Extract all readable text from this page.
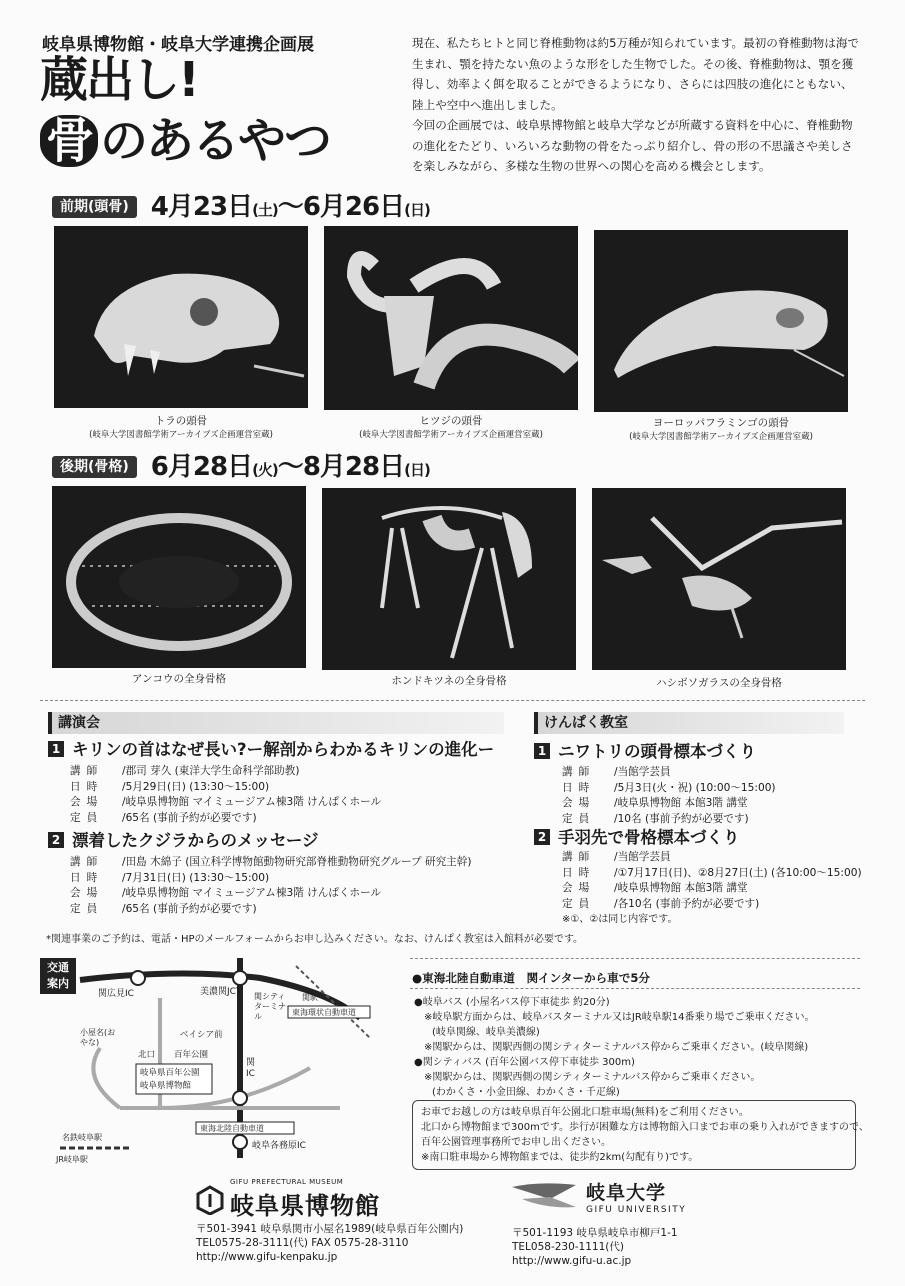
岐阜県博物館・岐阜大学連携企画展
蔵出し!
骨 のあるやつ

現在、私たちヒトと同じ脊椎動物は約5万種が知られています。最初の脊椎動物は海で生まれ、顎を持たない魚のような形をした生物でした。その後、脊椎動物は、顎を獲得し、効率よく餌を取ることができるようになり、さらには四肢の進化にともない、陸上や空中へ進出しました。

今回の企画展では、岐阜県博物館と岐阜大学などが所蔵する資料を中心に、脊椎動物の進化をたどり、いろいろな動物の骨をたっぷり紹介し、骨の形の不思議さや美しさを楽しみながら、多様な生物の世界への関心を高める機会とします。

前期(頭骨) 4月23日(土)〜6月26日(日)
トラの頭骨
(岐阜大学図書館学術アーカイブズ企画運営室蔵)
ヒツジの頭骨
(岐阜大学図書館学術アーカイブズ企画運営室蔵)
ヨーロッパフラミンゴの頭骨
(岐阜大学図書館学術アーカイブズ企画運営室蔵)
後期(骨格) 6月28日(火)〜8月28日(日)
アンコウの全身骨格	ホンドキツネの全身骨格	ハシボソガラスの全身骨格
講演会
1 キリンの首はなぜ長い?ー解剖からわかるキリンの進化ー
講師	/郡司 芽久 (東洋大学生命科学部助教)
日時	/5月29日(日) (13:30〜15:00)
会場	/岐阜県博物館 マイミュージアム棟3階 けんぱくホール
定員	/65名 (事前予約が必要です)
2 漂着したクジラからのメッセージ
講師	/田島 木綿子 (国立科学博物館動物研究部脊椎動物研究グループ 研究主幹)
日時	/7月31日(日) (13:30〜15:00)
会場	/岐阜県博物館 マイミュージアム棟3階 けんぱくホール
定員	/65名 (事前予約が必要です)
けんぱく教室
1 ニワトリの頭骨標本づくり
講師	/当館学芸員
日時	/5月3日(火・祝) (10:00〜15:00)
会場	/岐阜県博物館 本館3階 講堂
定員	/10名 (事前予約が必要です)
2 手羽先で骨格標本づくり
講師	/当館学芸員
日時	/①7月17日(日)、②8月27日(土) (各10:00〜15:00)
会場	/岐阜県博物館 本館3階 講堂
定員	/各10名 (事前予約が必要です)
※①、②は同じ内容です。
*関連事業のご予約は、電話・HPのメールフォームからお申し込みください。なお、けんぱく教室は入館料が必要です。
交通
案内
関広見IC	美濃関JCT 関シティターミナル
関駅
東海環状自動車道
小屋名(おやな)
ベイシア前
北口 百年公園
岐阜県百年公園
岐阜県博物館
関IC
東海北陸自動車道
岐阜各務原IC
名鉄岐阜駅
JR岐阜駅
●東海北陸自動車道　関インターから車で5分
●岐阜バス (小屋名バス停下車徒歩 約20分)
※岐阜駅方面からは、岐阜バスターミナル又はJR岐阜駅14番乗り場でご乗車ください。
(岐阜関線、岐阜美濃線)
※関駅からは、関駅西側の関シティターミナルバス停からご乗車ください。(岐阜関線)
●関シティバス (百年公園バス停下車徒歩 300m)
※関駅からは、関駅西側の関シティターミナルバス停からご乗車ください。
(わかくさ・小金田線、わかくさ・千疋線)
お車でお越しの方は岐阜県百年公園北口駐車場(無料)をご利用ください。
北口から博物館まで300mです。歩行が困難な方は博物館入口までお車の乗り入れができますので、
百年公園管理事務所でお申し出ください。
※南口駐車場から博物館までは、徒歩約2km(勾配有り)です。
GIFU PREFECTURAL MUSEUM
岐阜県博物館
〒501-3941 岐阜県関市小屋名1989(岐阜県百年公園内)
TEL0575-28-3111(代) FAX 0575-28-3110
http://www.gifu-kenpaku.jp
岐阜大学
GIFU UNIVERSITY
〒501-1193 岐阜県岐阜市柳戸1-1
TEL058-230-1111(代)
http://www.gifu-u.ac.jp
